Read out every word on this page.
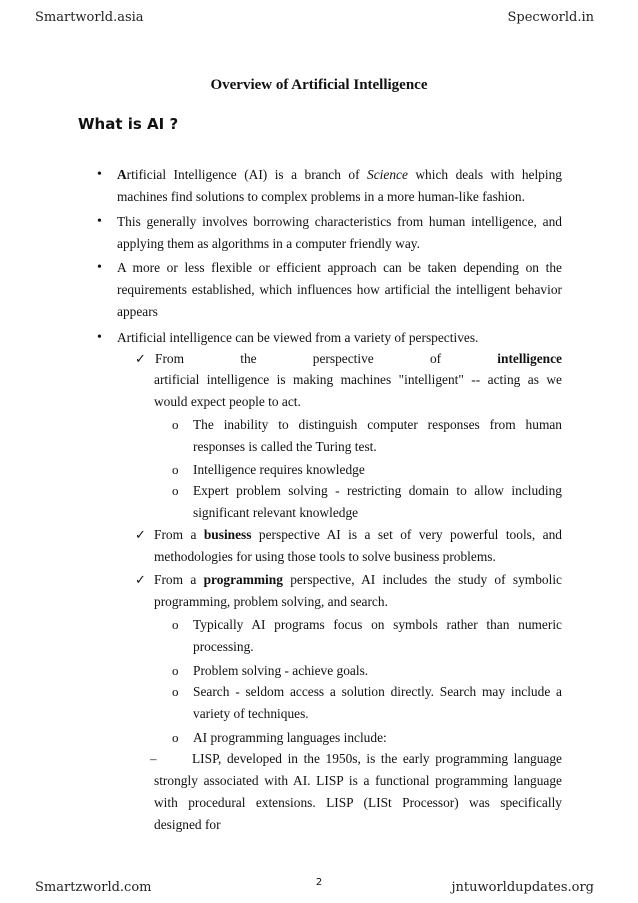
Smartworld.asia	Specworld.in
Overview of Artificial Intelligence
What is AI ?
• Artificial Intelligence (AI) is a branch of Science which deals with helping machines find solutions to complex problems in a more human-like fashion.
• This generally involves borrowing characteristics from human intelligence, and applying them as algorithms in a computer friendly way.
• A more or less flexible or efficient approach can be taken depending on the requirements established, which influences how artificial the intelligent behavior appears
• Artificial intelligence can be viewed from a variety of perspectives.
✓ From	the	perspective	of	intelligence
artificial intelligence is making machines "intelligent" -- acting as we would expect people to act.
o The inability to distinguish computer responses from human responses is called the Turing test.
o Intelligence requires knowledge
o Expert problem solving - restricting domain to allow including significant relevant knowledge
✓ From a business perspective AI is a set of very powerful tools, and methodologies for using those tools to solve business problems.
✓ From a programming perspective, AI includes the study of symbolic programming, problem solving, and search.
o Typically AI programs focus on symbols rather than numeric processing.
o Problem solving - achieve goals.
o Search - seldom access a solution directly. Search may include a variety of techniques.
o AI programming languages include:
–	LISP, developed in the 1950s, is the early programming language strongly associated with AI. LISP is a functional programming language with procedural extensions. LISP (LISt Processor) was specifically designed for
Smartzworld.com	2	jntuworldupdates.org
